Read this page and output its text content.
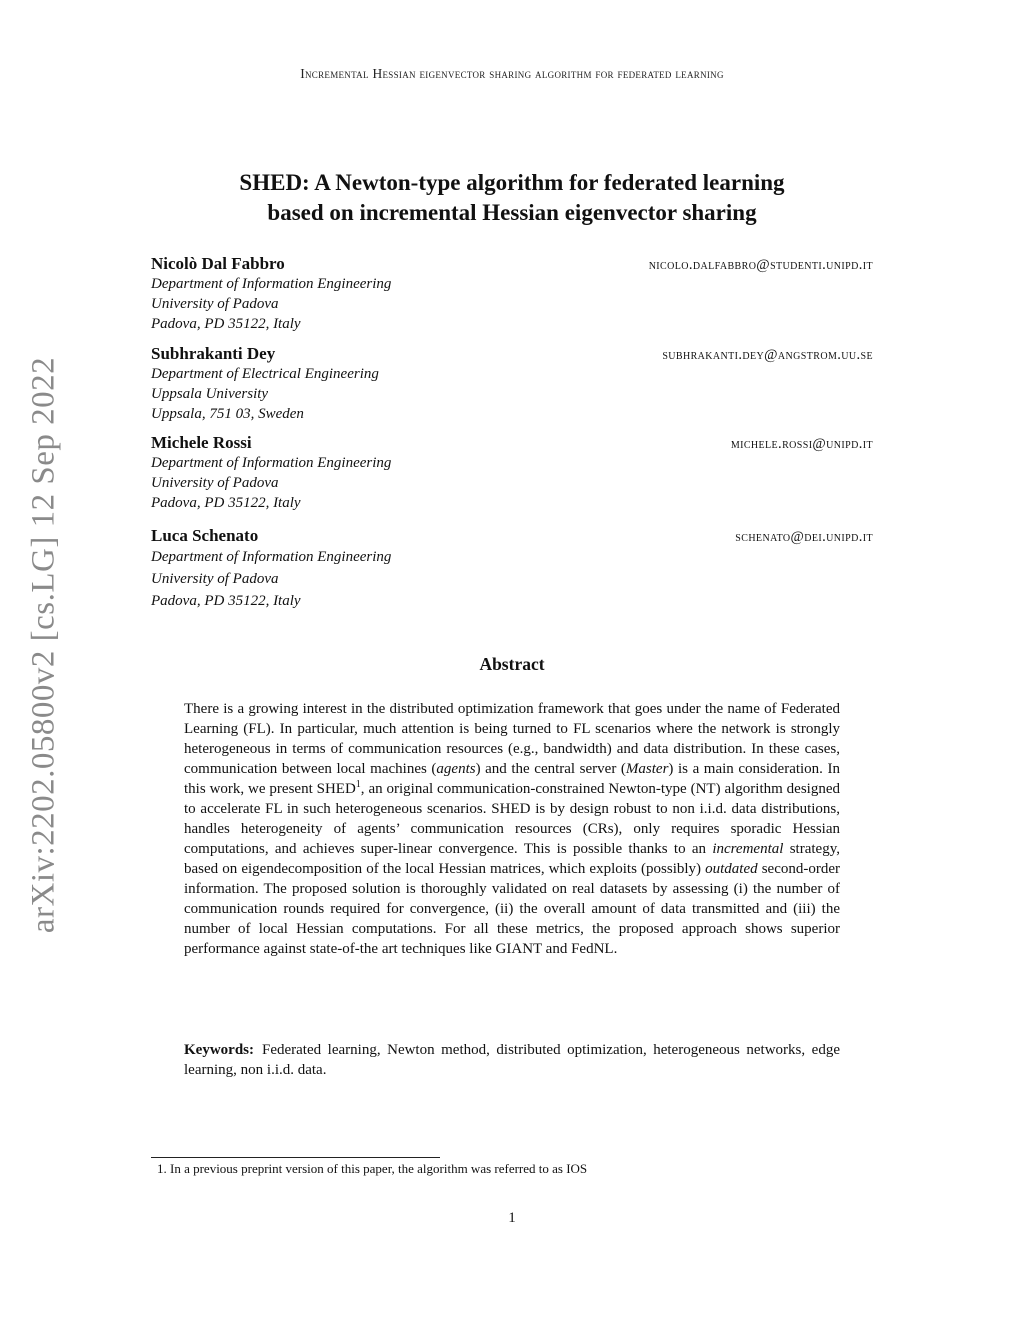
Incremental Hessian eigenvector sharing algorithm for federated learning
arXiv:2202.05800v2 [cs.LG] 12 Sep 2022
SHED: A Newton-type algorithm for federated learning
based on incremental Hessian eigenvector sharing
Nicolò Dal Fabbro	nicolo.dalfabbro@studenti.unipd.it
Department of Information Engineering
University of Padova
Padova, PD 35122, Italy
Subhrakanti Dey	subhrakanti.dey@angstrom.uu.se
Department of Electrical Engineering
Uppsala University
Uppsala, 751 03, Sweden
Michele Rossi	michele.rossi@unipd.it
Department of Information Engineering
University of Padova
Padova, PD 35122, Italy
Luca Schenato	schenato@dei.unipd.it
Department of Information Engineering
University of Padova
Padova, PD 35122, Italy
Abstract
There is a growing interest in the distributed optimization framework that goes under the name of Federated Learning (FL). In particular, much attention is being turned to FL scenarios where the network is strongly heterogeneous in terms of communication resources (e.g., bandwidth) and data distribution. In these cases, communication between local machines (agents) and the central server (Master) is a main consideration. In this work, we present SHED$^1$, an original communication-constrained Newton-type (NT) algorithm designed to accelerate FL in such heterogeneous scenarios. SHED is by design robust to non i.i.d. data distributions, handles heterogeneity of agents’ communication resources (CRs), only requires sporadic Hessian computations, and achieves super-linear convergence. This is possible thanks to an incremental strategy, based on eigendecomposition of the local Hessian matrices, which exploits (possibly) outdated second-order information. The proposed solution is thoroughly validated on real datasets by assessing (i) the number of communication rounds required for convergence, (ii) the overall amount of data transmitted and (iii) the number of local Hessian computations. For all these metrics, the proposed approach shows superior performance against state-of-the art techniques like GIANT and FedNL.
Keywords: Federated learning, Newton method, distributed optimization, heterogeneous networks, edge learning, non i.i.d. data.
1. In a previous preprint version of this paper, the algorithm was referred to as IOS
1
